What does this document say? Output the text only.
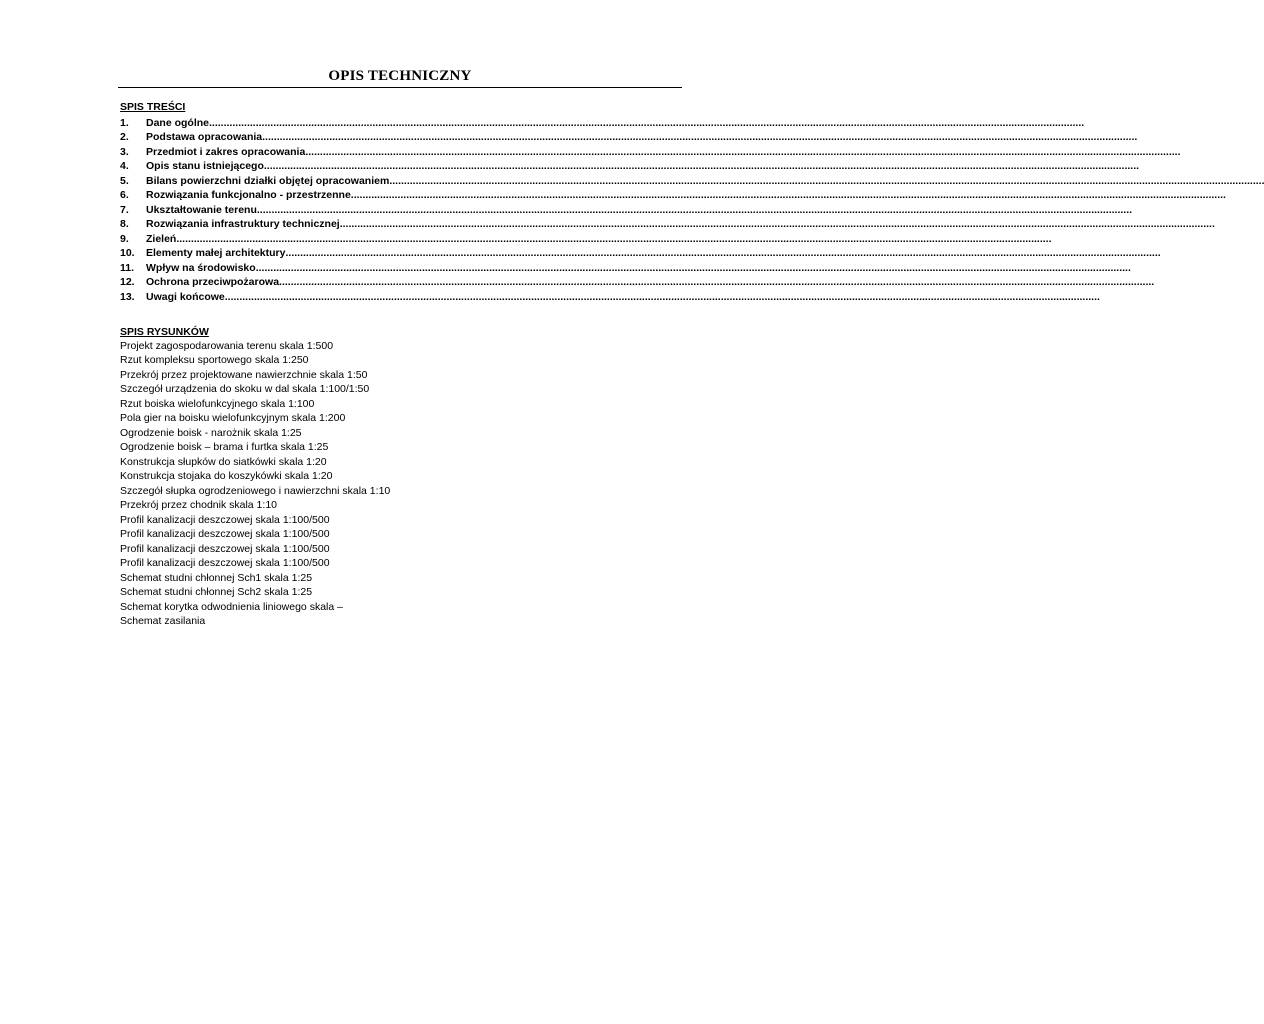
OPIS TECHNICZNY
SPIS TREŚCI
1.	Dane ogólne ............................................................................................................................................................................................................................................................................................................
2.	Podstawa opracowania ............................................................................................................................................................................................................................................................................................................
3.	Przedmiot i zakres opracowania ............................................................................................................................................................................................................................................................................................................
4.	Opis stanu istniejącego ............................................................................................................................................................................................................................................................................................................
5.	Bilans powierzchni działki objętej opracowaniem ............................................................................................................................................................................................................................................................................................................
6.	Rozwiązania funkcjonalno - przestrzenne ............................................................................................................................................................................................................................................................................................................
7.	Ukształtowanie terenu ............................................................................................................................................................................................................................................................................................................
8.	Rozwiązania infrastruktury technicznej ............................................................................................................................................................................................................................................................................................................
9.	Zieleń ............................................................................................................................................................................................................................................................................................................
10.	Elementy małej architektury ............................................................................................................................................................................................................................................................................................................
11.	Wpływ na środowisko ............................................................................................................................................................................................................................................................................................................
12.	Ochrona przeciwpożarowa ............................................................................................................................................................................................................................................................................................................
13.	Uwagi końcowe ............................................................................................................................................................................................................................................................................................................
SPIS RYSUNKÓW
Projekt zagospodarowania terenu skala 1:500
Rzut kompleksu sportowego skala 1:250
Przekrój przez projektowane nawierzchnie skala 1:50
Szczegół urządzenia do skoku w dal skala 1:100/1:50
Rzut boiska wielofunkcyjnego skala 1:100
Pola gier na boisku wielofunkcyjnym skala 1:200
Ogrodzenie boisk - narożnik skala 1:25
Ogrodzenie boisk – brama i furtka skala 1:25
Konstrukcja słupków do siatkówki skala 1:20
Konstrukcja stojaka do koszykówki skala 1:20
Szczegół słupka ogrodzeniowego i nawierzchni skala 1:10
Przekrój przez chodnik skala 1:10
Profil kanalizacji deszczowej skala 1:100/500
Profil kanalizacji deszczowej skala 1:100/500
Profil kanalizacji deszczowej skala 1:100/500
Profil kanalizacji deszczowej skala 1:100/500
Schemat studni chłonnej Sch1 skala 1:25
Schemat studni chłonnej Sch2 skala 1:25
Schemat korytka odwodnienia liniowego skala –
Schemat zasilania
